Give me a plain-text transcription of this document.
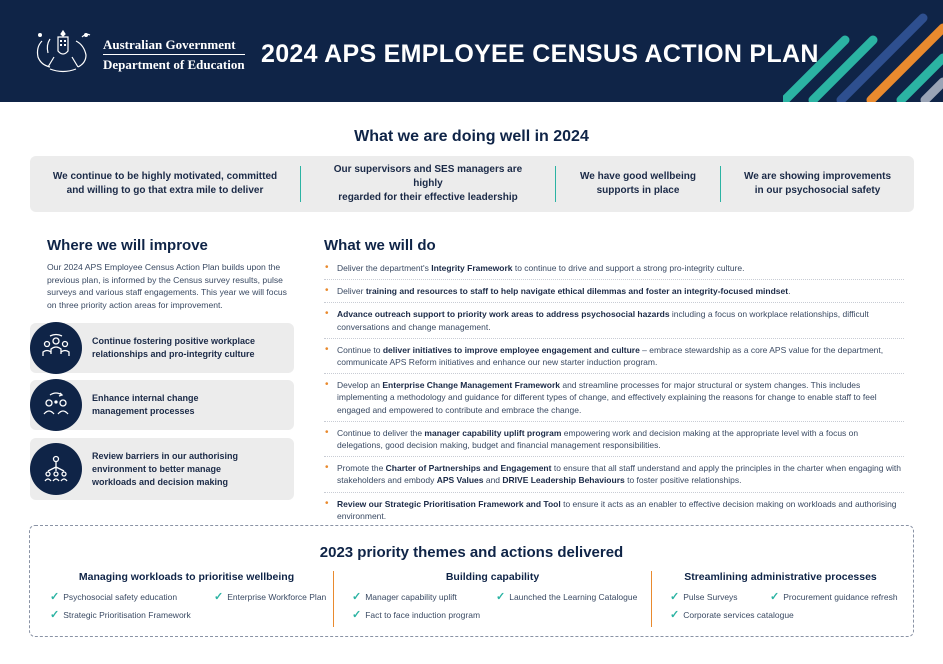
Australian Government
Department of Education 2024 APS EMPLOYEE CENSUS ACTION PLAN
What we are doing well in 2024
We continue to be highly motivated, committed
and willing to go that extra mile to deliver
Our supervisors and SES managers are highly
regarded for their effective leadership
We have good wellbeing
supports in place
We are showing improvements
in our psychosocial safety
Where we will improve
Our 2024 APS Employee Census Action Plan builds upon the previous plan, is informed by the Census survey results, pulse surveys and various staff engagements. This year we will focus on three priority action areas for improvement.
Continue fostering positive workplace
relationships and pro-integrity culture
Enhance internal change
management processes
Review barriers in our authorising
environment to better manage
workloads and decision making
What we will do
• Deliver the department's Integrity Framework to continue to drive and support a strong pro-integrity culture.
• Deliver training and resources to staff to help navigate ethical dilemmas and foster an integrity-focused mindset.
• Advance outreach support to priority work areas to address psychosocial hazards including a focus on workplace relationships, difficult conversations and change management.
• Continue to deliver initiatives to improve employee engagement and culture – embrace stewardship as a core APS value for the department, communicate APS Reform initiatives and enhance our new starter induction program.
• Develop an Enterprise Change Management Framework and streamline processes for major structural or system changes. This includes implementing a methodology and guidance for different types of change, and effectively explaining the reasons for change to enable staff to feel engaged and empowered to contribute and embrace the change.
• Continue to deliver the manager capability uplift program empowering work and decision making at the appropriate level with a focus on delegations, good decision making, budget and financial management responsibilities.
• Promote the Charter of Partnerships and Engagement to ensure that all staff understand and apply the principles in the charter when engaging with stakeholders and embody APS Values and DRIVE Leadership Behaviours to foster positive relationships.
• Review our Strategic Prioritisation Framework and Tool to ensure it acts as an enabler to effective decision making on workloads and authorising environment.
2023 priority themes and actions delivered
Managing workloads to prioritise wellbeing
✓ Psychosocial safety education	✓ Enterprise Workforce Plan
✓ Strategic Prioritisation Framework
Building capability
✓ Manager capability uplift	✓ Launched the Learning Catalogue
✓ Fact to face induction program
Streamlining administrative processes
✓ Pulse Surveys	✓ Procurement guidance refresh
✓ Corporate services catalogue
